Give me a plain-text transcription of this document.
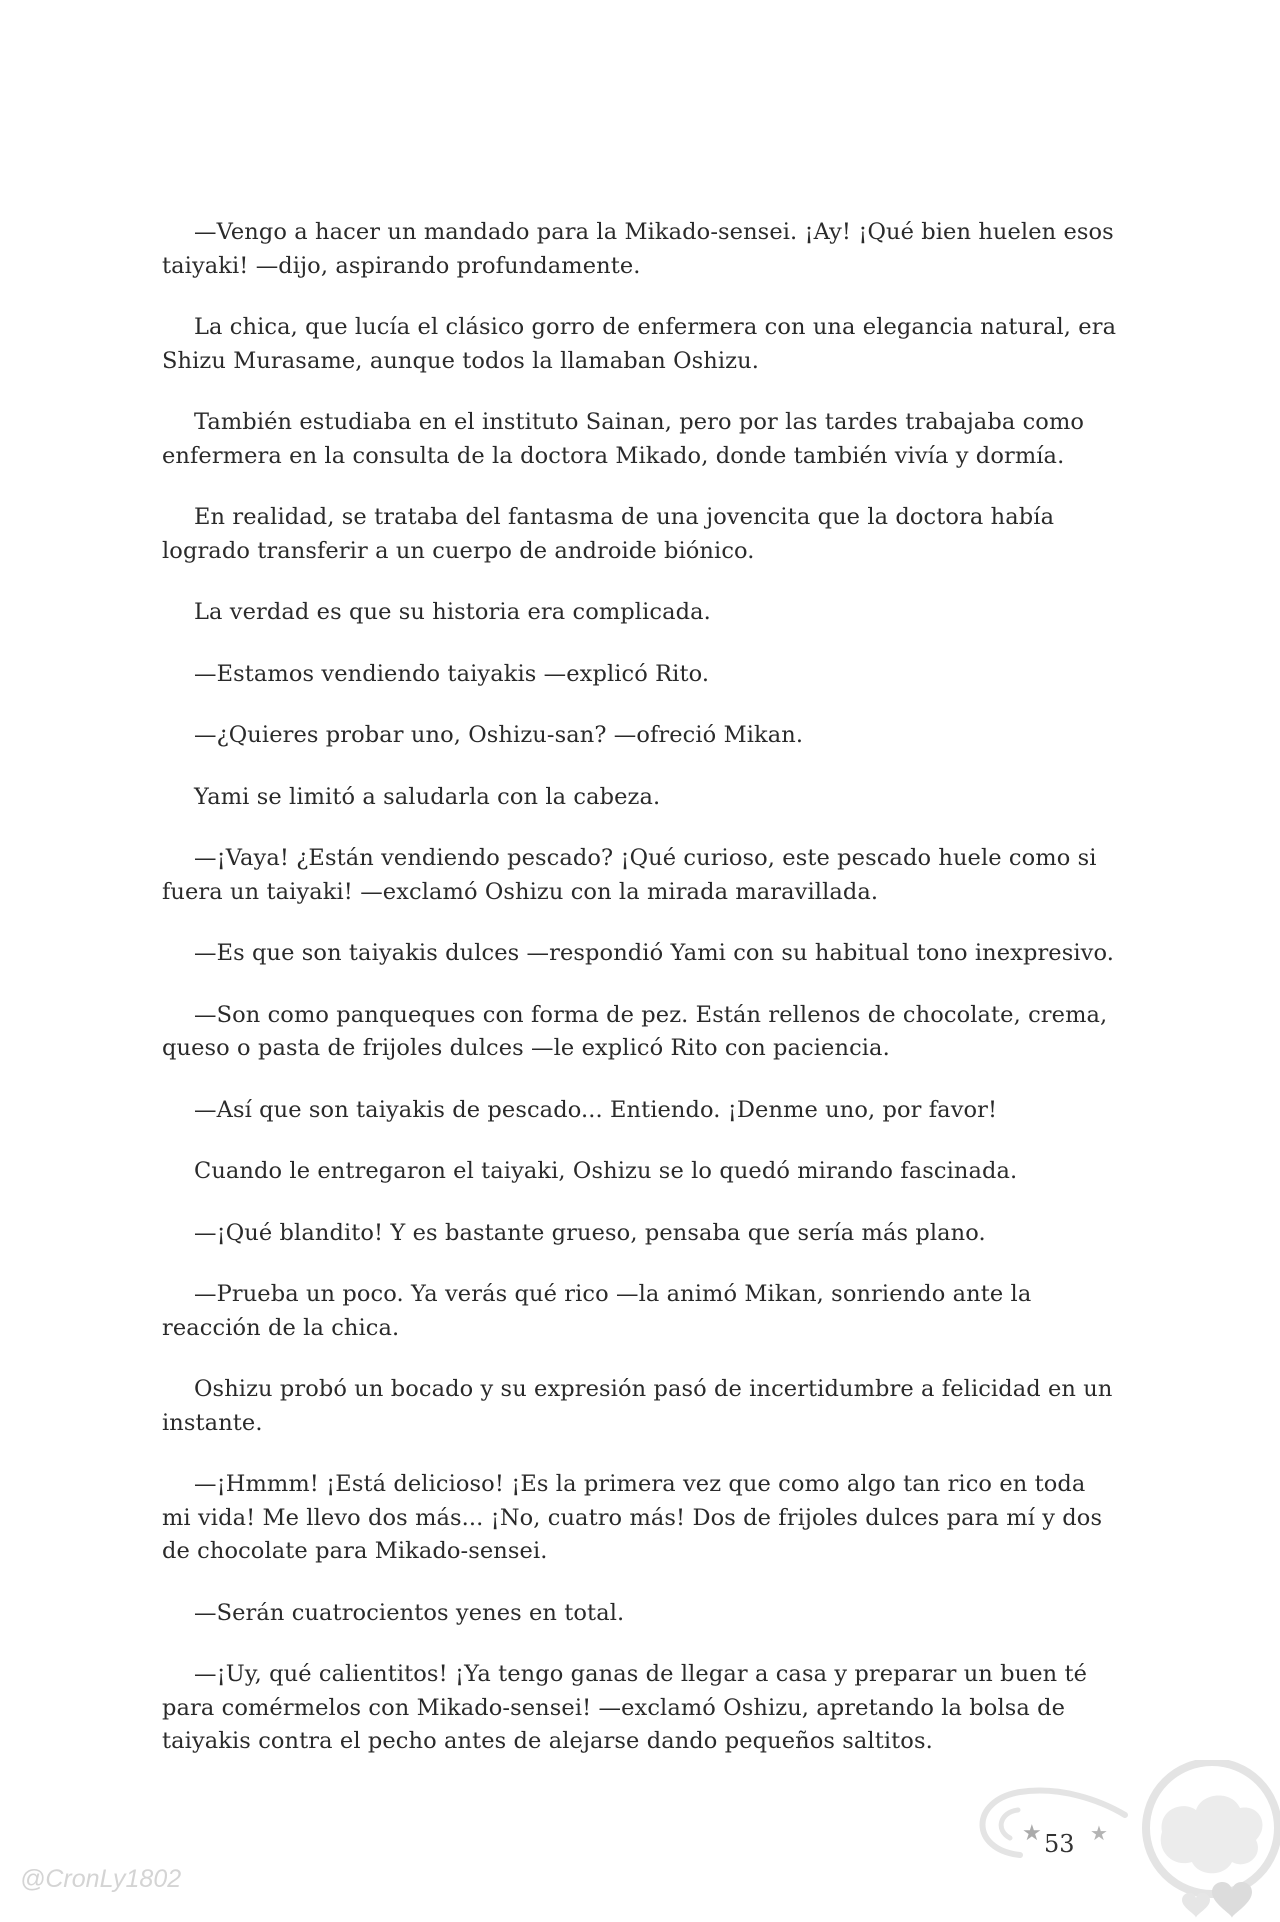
—Vengo a hacer un mandado para la Mikado-sensei. ¡Ay! ¡Qué bien huelen esos taiyaki! —dijo, aspirando profundamente.

La chica, que lucía el clásico gorro de enfermera con una elegancia natural, era Shizu Murasame, aunque todos la llamaban Oshizu.

También estudiaba en el instituto Sainan, pero por las tardes trabajaba como enfermera en la consulta de la doctora Mikado, donde también vivía y dormía.

En realidad, se trataba del fantasma de una jovencita que la doctora había logrado transferir a un cuerpo de androide biónico.

La verdad es que su historia era complicada.

—Estamos vendiendo taiyakis —explicó Rito.

—¿Quieres probar uno, Oshizu-san? —ofreció Mikan.

Yami se limitó a saludarla con la cabeza.

—¡Vaya! ¿Están vendiendo pescado? ¡Qué curioso, este pescado huele como si fuera un taiyaki! —exclamó Oshizu con la mirada maravillada.

—Es que son taiyakis dulces —respondió Yami con su habitual tono inexpresivo.

—Son como panqueques con forma de pez. Están rellenos de chocolate, crema, queso o pasta de frijoles dulces —le explicó Rito con paciencia.

—Así que son taiyakis de pescado... Entiendo. ¡Denme uno, por favor!

Cuando le entregaron el taiyaki, Oshizu se lo quedó mirando fascinada.

—¡Qué blandito! Y es bastante grueso, pensaba que sería más plano.

—Prueba un poco. Ya verás qué rico —la animó Mikan, sonriendo ante la reacción de la chica.

Oshizu probó un bocado y su expresión pasó de incertidumbre a felicidad en un instante.

—¡Hmmm! ¡Está delicioso! ¡Es la primera vez que como algo tan rico en toda mi vida! Me llevo dos más... ¡No, cuatro más! Dos de frijoles dulces para mí y dos de chocolate para Mikado-sensei.

—Serán cuatrocientos yenes en total.

—¡Uy, qué calientitos! ¡Ya tengo ganas de llegar a casa y preparar un buen té para comérmelos con Mikado-sensei! —exclamó Oshizu, apretando la bolsa de taiyakis contra el pecho antes de alejarse dando pequeños saltitos.

★ ★
53
@CronLy1802
